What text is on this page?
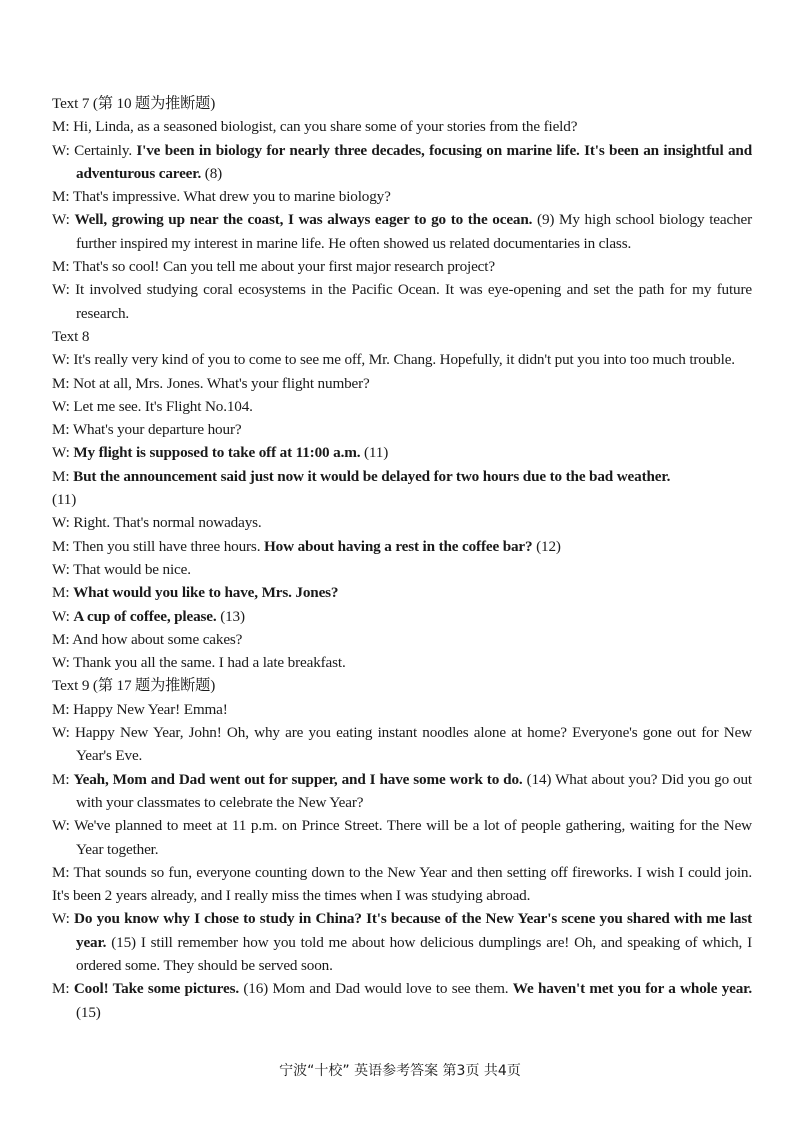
Text 7 (第 10 题为推断题)

M: Hi, Linda, as a seasoned biologist, can you share some of your stories from the field?

W: Certainly. I've been in biology for nearly three decades, focusing on marine life. It's been an insightful and adventurous career. (8)

M: That's impressive. What drew you to marine biology?

W: Well, growing up near the coast, I was always eager to go to the ocean. (9) My high school biology teacher further inspired my interest in marine life. He often showed us related documentaries in class.

M: That's so cool! Can you tell me about your first major research project?

W: It involved studying coral ecosystems in the Pacific Ocean. It was eye-opening and set the path for my future research.

Text 8

W: It's really very kind of you to come to see me off, Mr. Chang. Hopefully, it didn't put you into too much trouble.

M: Not at all, Mrs. Jones. What's your flight number?

W: Let me see. It's Flight No.104.

M: What's your departure hour?

W: My flight is supposed to take off at 11:00 a.m. (11)

M: But the announcement said just now it would be delayed for two hours due to the bad weather.
(11)

W: Right. That's normal nowadays.

M: Then you still have three hours. How about having a rest in the coffee bar? (12)

W: That would be nice.

M: What would you like to have, Mrs. Jones?

W: A cup of coffee, please. (13)

M: And how about some cakes?

W: Thank you all the same. I had a late breakfast.

Text 9 (第 17 题为推断题)

M: Happy New Year! Emma!

W: Happy New Year, John! Oh, why are you eating instant noodles alone at home? Everyone's gone out for New Year's Eve.

M: Yeah, Mom and Dad went out for supper, and I have some work to do. (14) What about you? Did you go out with your classmates to celebrate the New Year?

W: We've planned to meet at 11 p.m. on Prince Street. There will be a lot of people gathering, waiting for the New Year together.

M: That sounds so fun, everyone counting down to the New Year and then setting off fireworks. I wish I could join. It's been 2 years already, and I really miss the times when I was studying abroad.

W: Do you know why I chose to study in China? It's because of the New Year's scene you shared with me last year. (15) I still remember how you told me about how delicious dumplings are! Oh, and speaking of which, I ordered some. They should be served soon.

M: Cool! Take some pictures. (16) Mom and Dad would love to see them. We haven't met you for a whole year. (15)

宁波“十校” 英语参考答案 第3页 共4页
